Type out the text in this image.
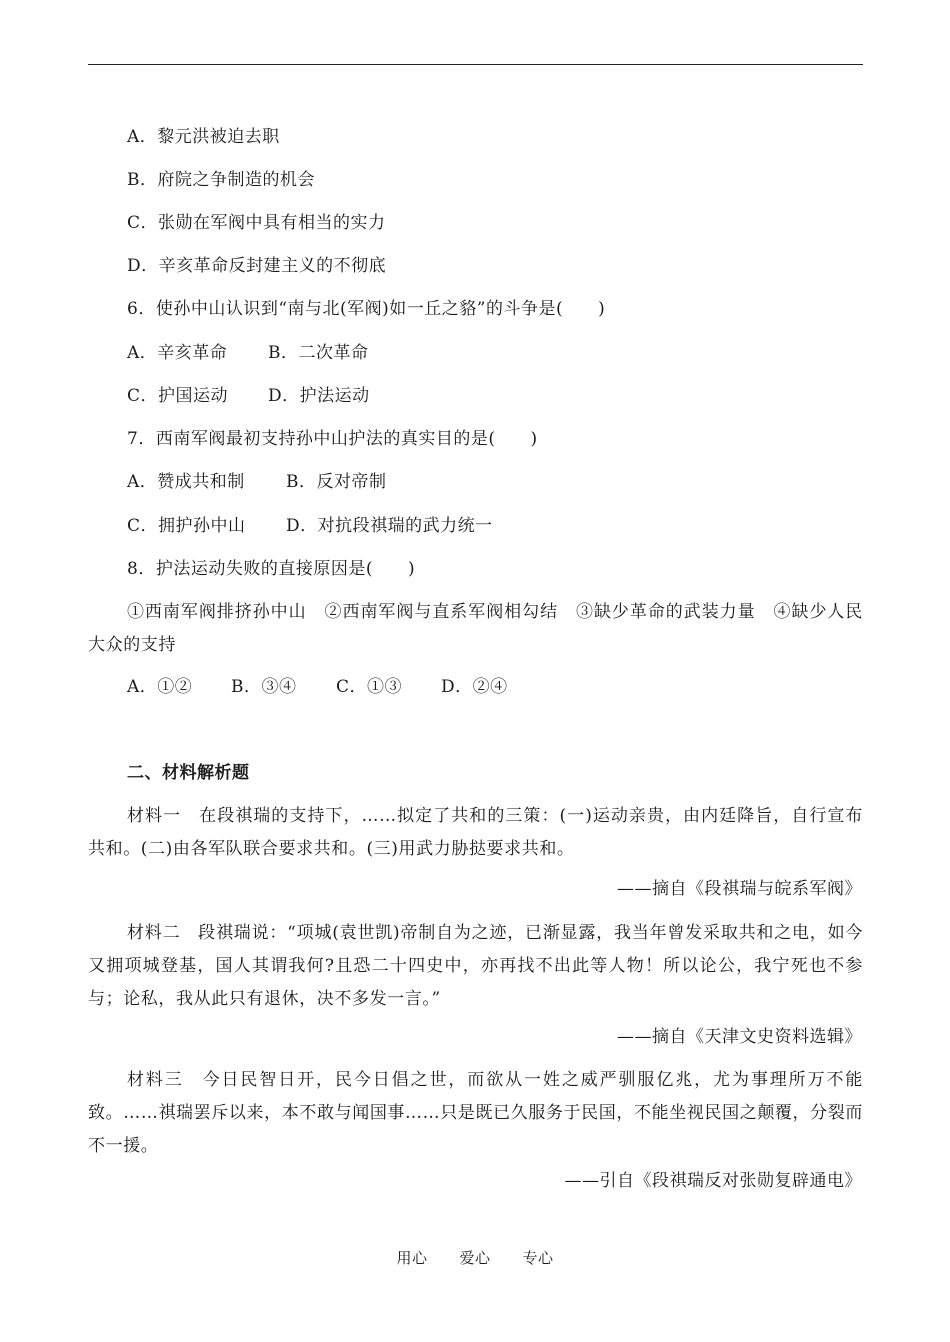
A．黎元洪被迫去职
B．府院之争制造的机会
C．张勋在军阀中具有相当的实力
D．辛亥革命反封建主义的不彻底
6．使孙中山认识到“南与北(军阀)如一丘之貉”的斗争是(　　)
A．辛亥革命 B．二次革命
C．护国运动 D．护法运动
7．西南军阀最初支持孙中山护法的真实目的是(　　)
A．赞成共和制 B．反对帝制
C．拥护孙中山 D．对抗段祺瑞的武力统一
8．护法运动失败的直接原因是(　　)
①西南军阀排挤孙中山　②西南军阀与直系军阀相勾结　③缺少革命的武装力量　④缺少人民大众的支持
A．①② B．③④ C．①③ D．②④
二、材料解析题
材料一　在段祺瑞的支持下，……拟定了共和的三策：(一)运动亲贵，由内廷降旨，自行宣布共和。(二)由各军队联合要求共和。(三)用武力胁挞要求共和。
——摘自《段祺瑞与皖系军阀》
材料二　段祺瑞说：“项城(袁世凯)帝制自为之迹，已渐显露，我当年曾发采取共和之电，如今又拥项城登基，国人其谓我何?且恐二十四史中，亦再找不出此等人物！所以论公，我宁死也不参与；论私，我从此只有退休，决不多发一言。”
——摘自《天津文史资料选辑》
材料三　今日民智日开，民今日倡之世，而欲从一姓之威严驯服亿兆，尤为事理所万不能致。……祺瑞罢斥以来，本不敢与闻国事……只是既已久服务于民国，不能坐视民国之颠覆，分裂而不一援。
——引自《段祺瑞反对张勋复辟通电》
用心 爱心 专心
